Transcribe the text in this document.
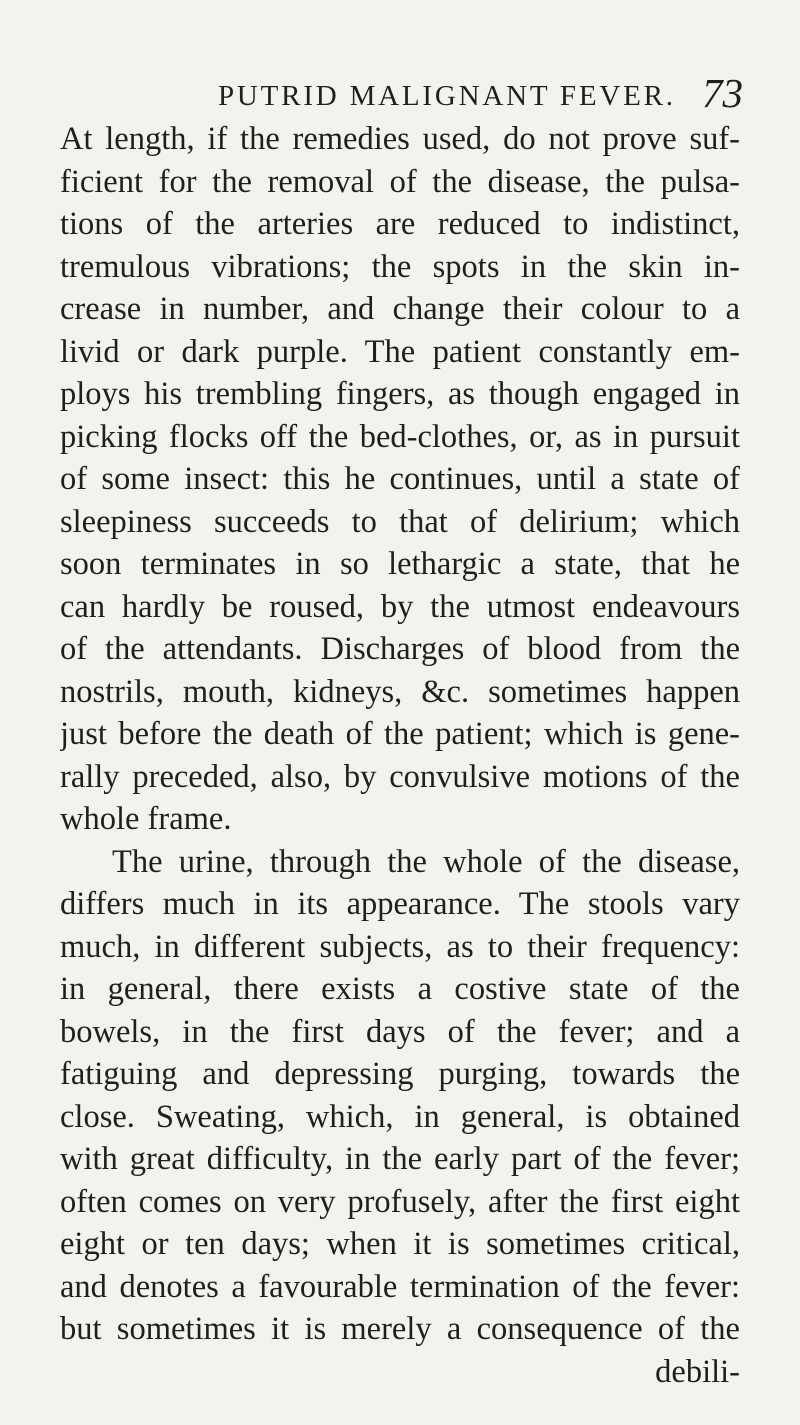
PUTRID MALIGNANT FEVER. 73
At length, if the remedies used, do not prove suf-
ficient for the removal of the disease, the pulsa-
tions of the arteries are reduced to indistinct,
tremulous vibrations; the spots in the skin in-
crease in number, and change their colour to a
livid or dark purple. The patient constantly em-
ploys his trembling fingers, as though engaged in
picking flocks off the bed-clothes, or, as in pursuit
of some insect: this he continues, until a state of
sleepiness succeeds to that of delirium; which
soon terminates in so lethargic a state, that he
can hardly be roused, by the utmost endeavours
of the attendants. Discharges of blood from the
nostrils, mouth, kidneys, &c. sometimes happen
just before the death of the patient; which is gene-
rally preceded, also, by convulsive motions of the
whole frame.
The urine, through the whole of the disease,
differs much in its appearance. The stools vary
much, in different subjects, as to their frequency:
in general, there exists a costive state of the
bowels, in the first days of the fever; and a
fatiguing and depressing purging, towards the
close. Sweating, which, in general, is obtained
with great difficulty, in the early part of the fever;
often comes on very profusely, after the first eight
eight or ten days; when it is sometimes critical,
and denotes a favourable termination of the fever:
but sometimes it is merely a consequence of the
debili-
